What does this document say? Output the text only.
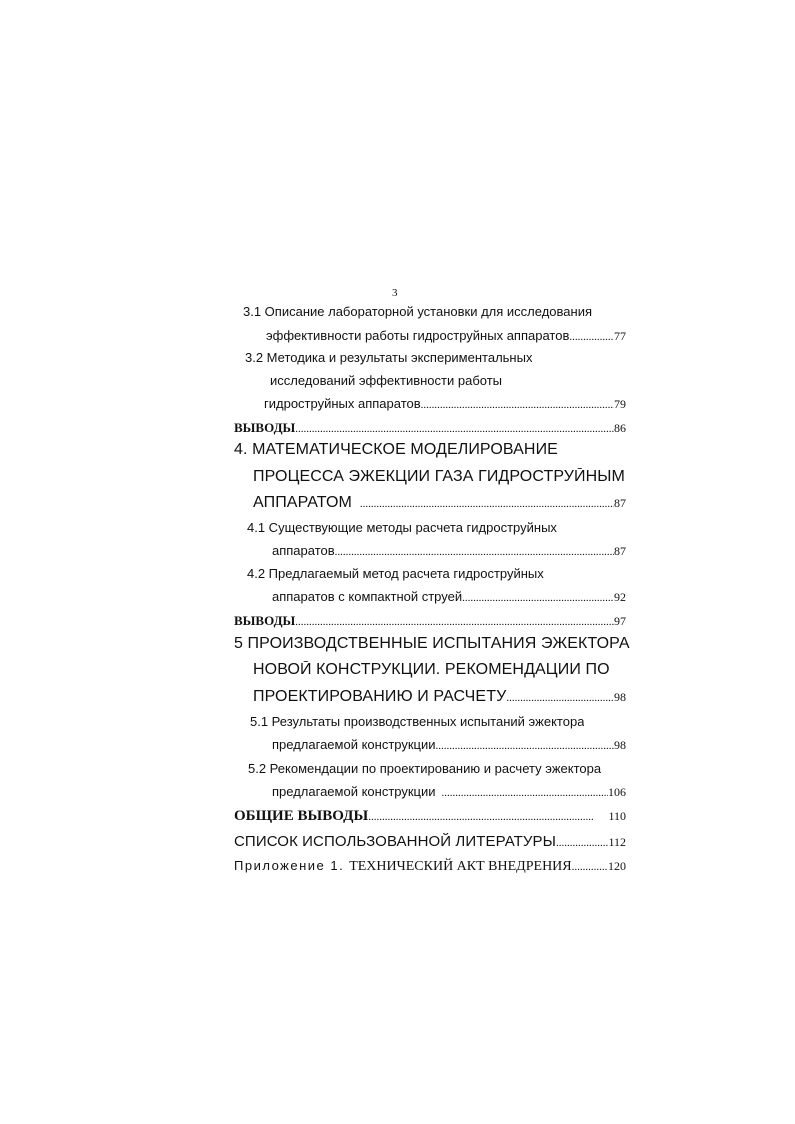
3
3.1 Описание лабораторной установки для исследования
эффективности работы гидроструйных аппаратов .....	77
3.2 Методика и результаты экспериментальных
исследований эффективности работы
гидроструйных аппаратов .....	79
ВЫВОДЫ .....	86
4. МАТЕМАТИЧЕСКОЕ МОДЕЛИРОВАНИЕ
ПРОЦЕССА ЭЖЕКЦИИ ГАЗА ГИДРОСТРУЙНЫМ
АППАРАТОМ .....	87
4.1 Существующие методы расчета гидроструйных
аппаратов .....	87
4.2 Предлагаемый метод расчета гидроструйных
аппаратов с компактной струей .....	92
ВЫВОДЫ .....	97
5 ПРОИЗВОДСТВЕННЫЕ ИСПЫТАНИЯ ЭЖЕКТОРА
НОВОЙ КОНСТРУКЦИИ. РЕКОМЕНДАЦИИ ПО
ПРОЕКТИРОВАНИЮ И РАСЧЕТУ .....	98
5.1 Результаты производственных испытаний эжектора
предлагаемой конструкции .....	98
5.2 Рекомендации по проектированию и расчету эжектора
предлагаемой конструкции .....	106
ОБЩИЕ ВЫВОДЫ .....	110
СПИСОК ИСПОЛЬЗОВАННОЙ ЛИТЕРАТУРЫ .....	112
Приложение 1. ТЕХНИЧЕСКИЙ АКТ ВНЕДРЕНИЯ .....	120
